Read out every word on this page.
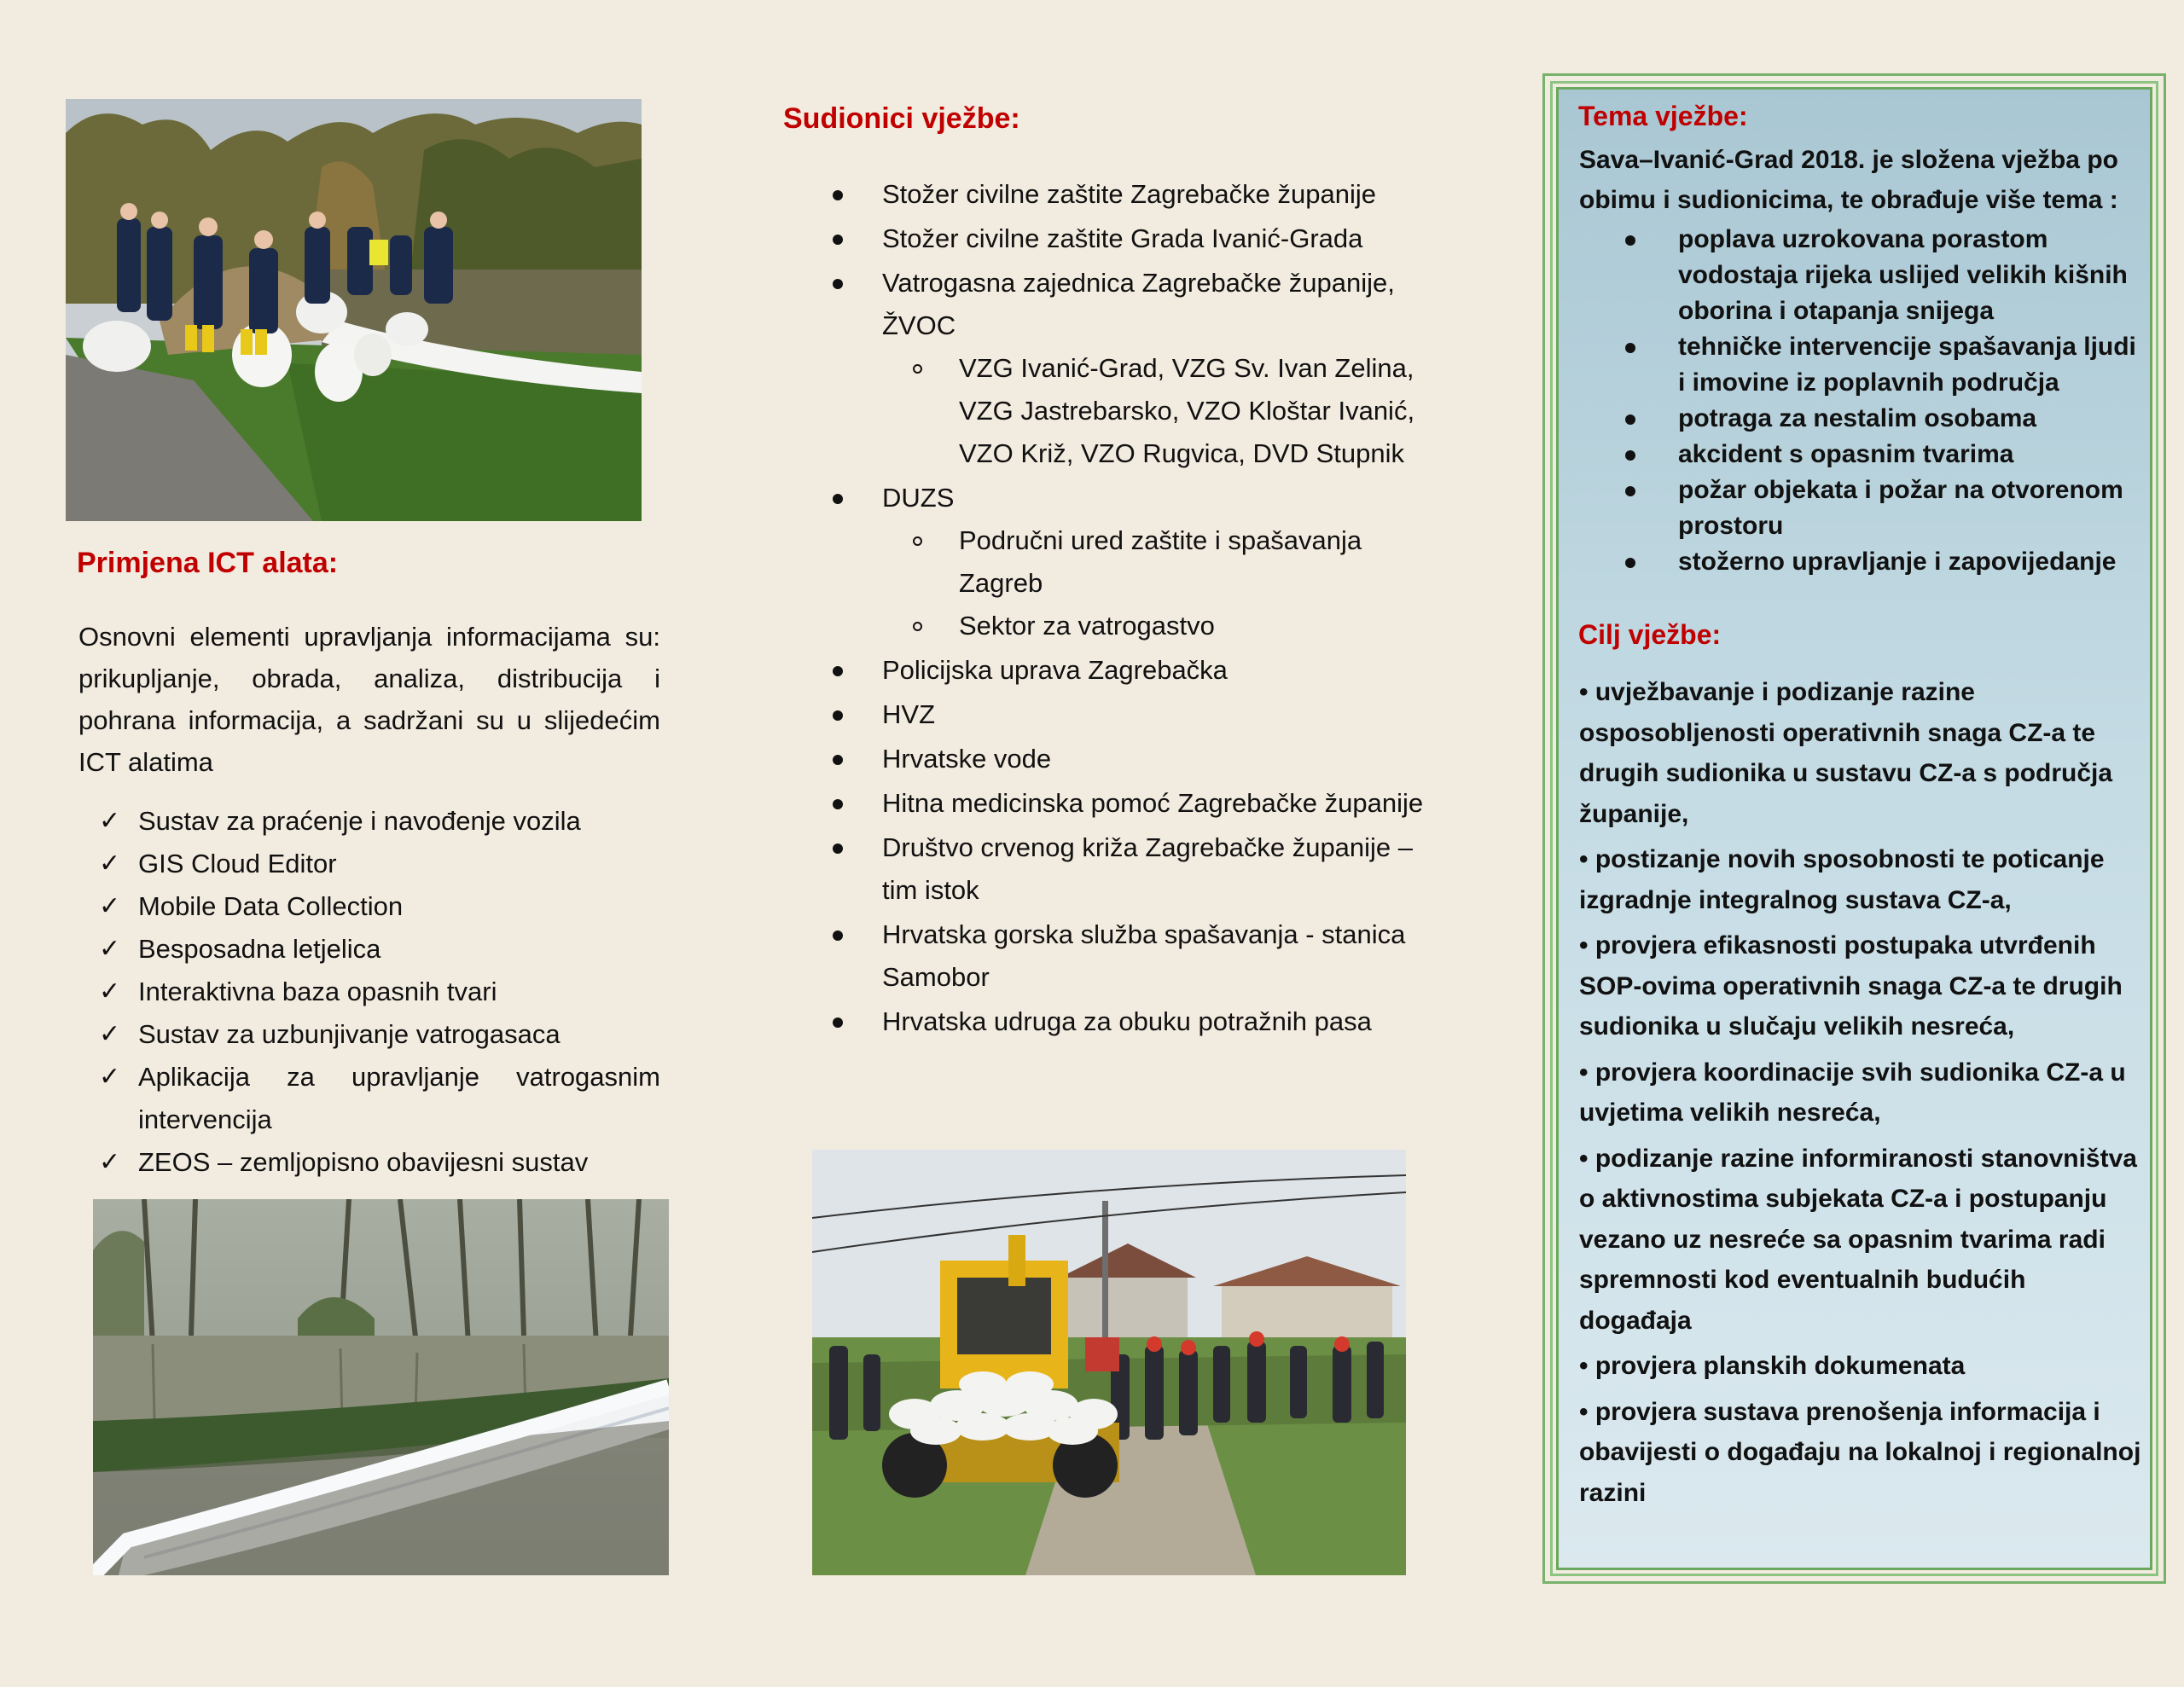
Primjena ICT alata:
Osnovni elementi upravljanja informacijama su: prikupljanje, obrada, analiza, distribucija i pohrana informacija, a sadržani su u slijedećim ICT alatima
✓ Sustav za praćenje i navođenje vozila
✓ GIS Cloud Editor
✓ Mobile Data Collection
✓ Besposadna letjelica
✓ Interaktivna baza opasnih tvari
✓ Sustav za uzbunjivanje vatrogasaca
✓ Aplikacija za upravljanje vatrogasnim intervencija
✓ ZEOS – zemljopisno obavijesni sustav
Sudionici vježbe:
Stožer civilne zaštite Zagrebačke županije
Stožer civilne zaštite Grada Ivanić-Grada
Vatrogasna zajednica Zagrebačke županije, ŽVOC
VZG Ivanić-Grad, VZG Sv. Ivan Zelina, VZG Jastrebarsko, VZO Kloštar Ivanić, VZO Križ, VZO Rugvica, DVD Stupnik
DUZS
Područni ured zaštite i spašavanja Zagreb
Sektor za vatrogastvo
Policijska uprava Zagrebačka
HVZ
Hrvatske vode
Hitna medicinska pomoć Zagrebačke županije
Društvo crvenog križa Zagrebačke županije – tim istok
Hrvatska gorska služba spašavanja - stanica Samobor
Hrvatska udruga za obuku potražnih pasa
Tema vježbe:
Sava–Ivanić-Grad 2018. je složena vježba po obimu i sudionicima, te obrađuje više tema :
poplava uzrokovana porastom vodostaja rijeka uslijed velikih kišnih oborina i otapanja snijega
tehničke intervencije spašavanja ljudi i imovine iz poplavnih područja
potraga za nestalim osobama
akcident s opasnim tvarima
požar objekata i požar na otvorenom prostoru
stožerno upravljanje i zapovijedanje
Cilj vježbe:
• uvježbavanje i podizanje razine osposobljenosti operativnih snaga CZ-a te drugih sudionika u sustavu CZ-a s područja županije,
• postizanje novih sposobnosti te poticanje izgradnje integralnog sustava CZ-a,
• provjera efikasnosti postupaka utvrđenih SOP-ovima operativnih snaga CZ-a te drugih sudionika u slučaju velikih nesreća,
• provjera koordinacije svih sudionika CZ-a u uvjetima velikih nesreća,
• podizanje razine informiranosti stanovništva o aktivnostima subjekata CZ-a i postupanju vezano uz nesreće sa opasnim tvarima radi spremnosti kod eventualnih budućih događaja
• provjera planskih dokumenata
• provjera sustava prenošenja informacija i obavijesti o događaju na lokalnoj i regionalnoj razini
